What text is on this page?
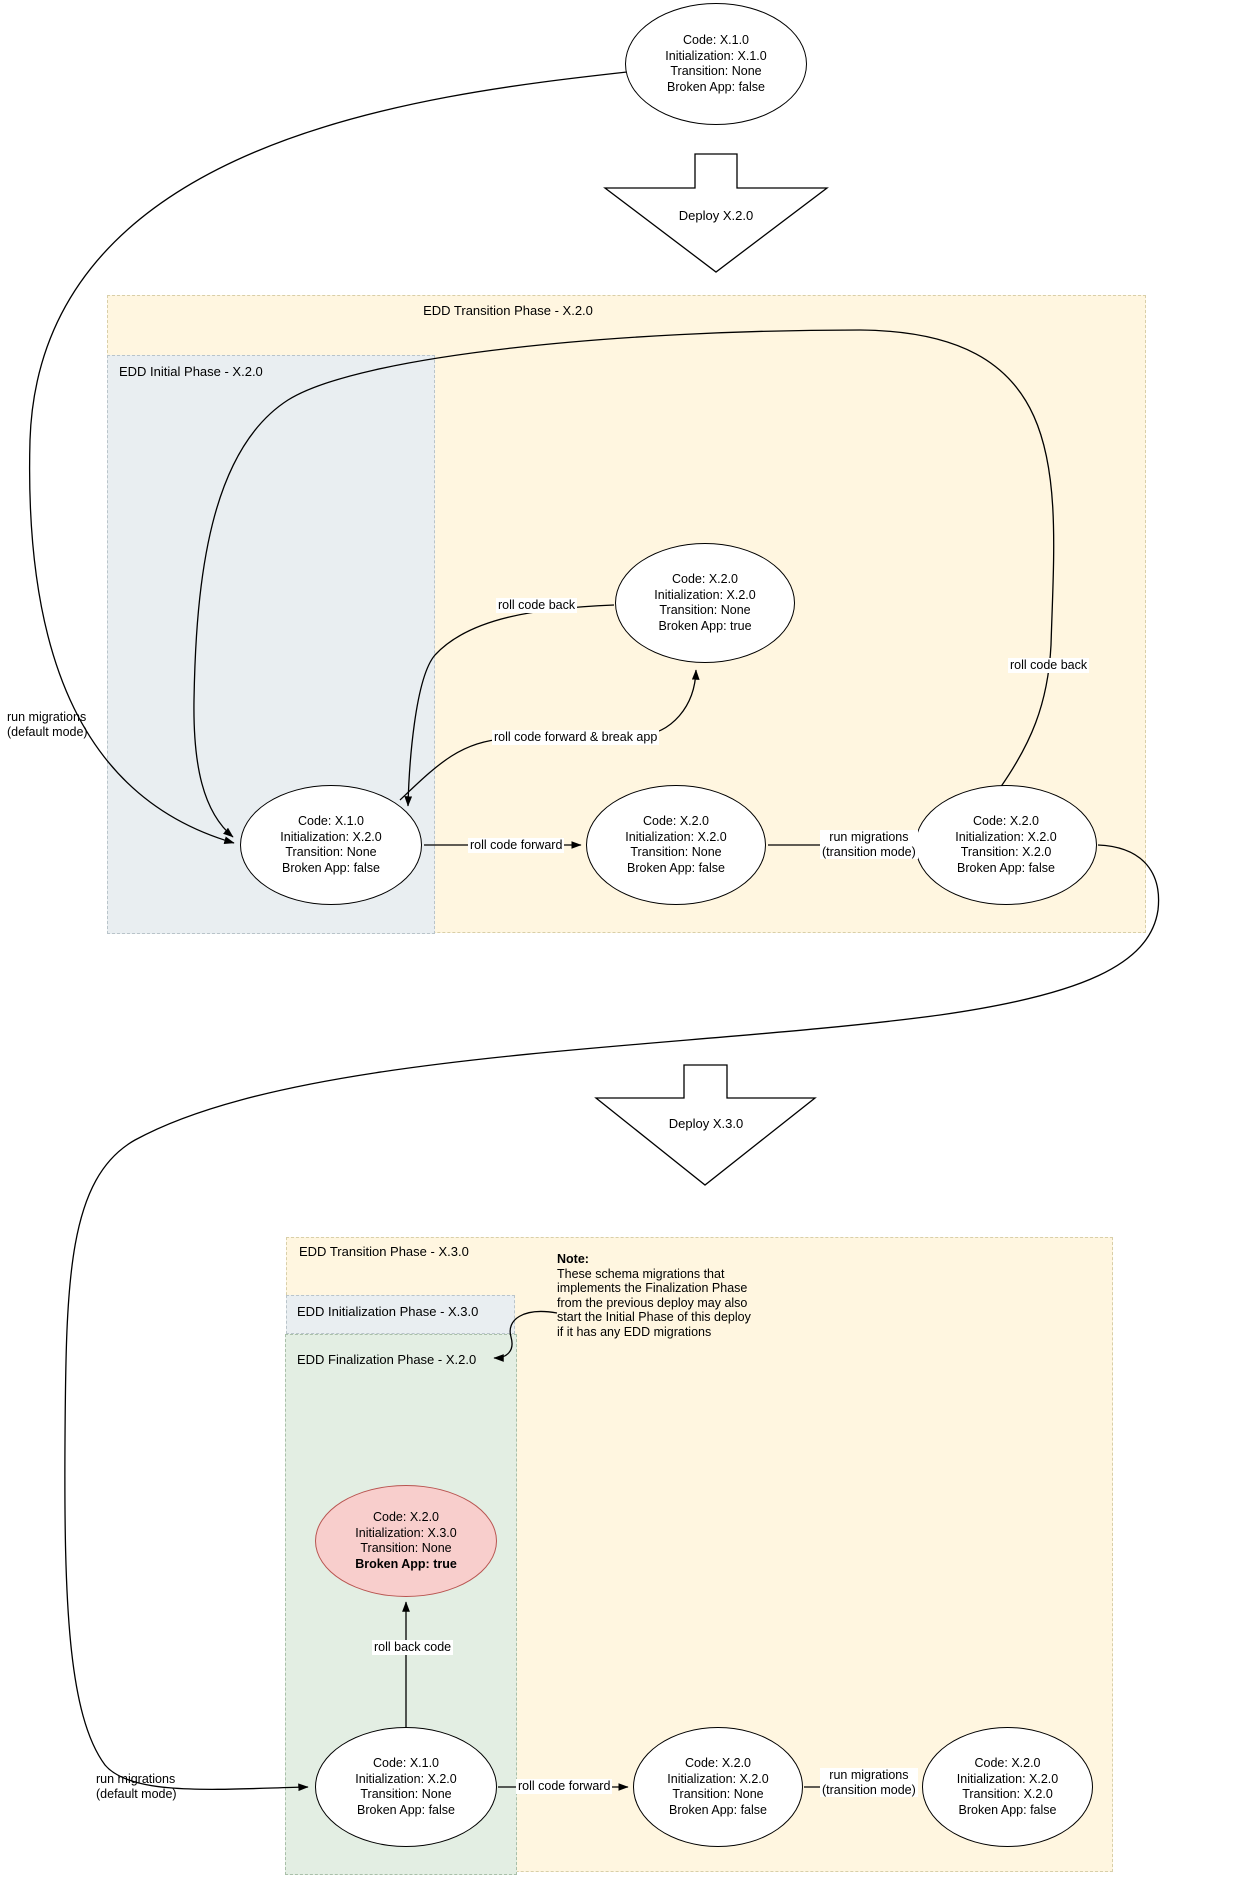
EDD Transition Phase - X.2.0
EDD Initial Phase - X.2.0
EDD Transition Phase - X.3.0
EDD Initialization Phase - X.3.0
EDD Finalization Phase - X.2.0
Code: X.1.0
Initialization: X.1.0
Transition: None
Broken App: false
Code: X.2.0
Initialization: X.2.0
Transition: None
Broken App: true
Code: X.1.0
Initialization: X.2.0
Transition: None
Broken App: false
Code: X.2.0
Initialization: X.2.0
Transition: None
Broken App: false
Code: X.2.0
Initialization: X.2.0
Transition: X.2.0
Broken App: false
Code: X.2.0
Initialization: X.3.0
Transition: None
Broken App: true
Code: X.1.0
Initialization: X.2.0
Transition: None
Broken App: false
Code: X.2.0
Initialization: X.2.0
Transition: None
Broken App: false
Code: X.2.0
Initialization: X.2.0
Transition: X.2.0
Broken App: false
Deploy X.2.0
Deploy X.3.0
run migrations
(default mode)
roll code back
roll code forward & break app
roll code forward
run migrations
(transition mode)
roll code back
run migrations
(default mode)
roll back code
roll code forward
run migrations
(transition mode)
Note:
These schema migrations that
implements the Finalization Phase
from the previous deploy may also
start the Initial Phase of this deploy
if it has any EDD migrations
